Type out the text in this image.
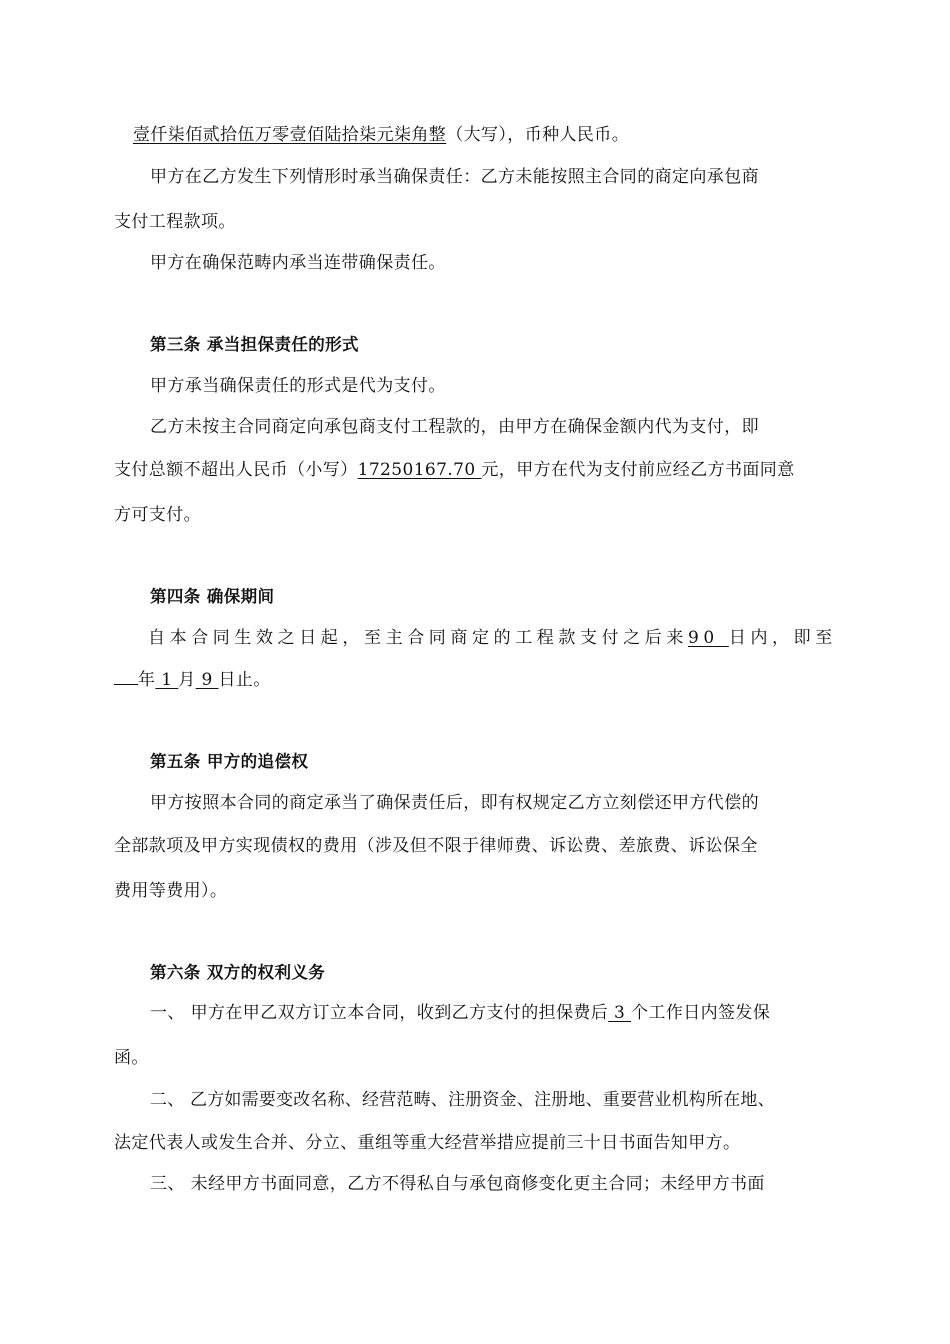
壹仟柒佰贰拾伍万零壹佰陆拾柒元柒角整（大写），币种人民币。
甲方在乙方发生下列情形时承当确保责任：乙方未能按照主合同的商定向承包商
支付工程款项。
甲方在确保范畴内承当连带确保责任。
第三条 承当担保责任的形式
甲方承当确保责任的形式是代为支付。
乙方未按主合同商定向承包商支付工程款的，由甲方在确保金额内代为支付，即
支付总额不超出人民币（小写）17250167.70 元，甲方在代为支付前应经乙方书面同意
方可支付。
第四条 确保期间
自本合同生效之日起，至主合同商定的工程款支付之后来90 日内，即至
年 1 月 9 日止。
第五条 甲方的追偿权
甲方按照本合同的商定承当了确保责任后，即有权规定乙方立刻偿还甲方代偿的
全部款项及甲方实现债权的费用（涉及但不限于律师费、诉讼费、差旅费、诉讼保全
费用等费用）。
第六条 双方的权利义务
一、 甲方在甲乙双方订立本合同，收到乙方支付的担保费后 3 个工作日内签发保
函。
二、 乙方如需要变改名称、经营范畴、注册资金、注册地、重要营业机构所在地、
法定代表人或发生合并、分立、重组等重大经营举措应提前三十日书面告知甲方。
三、 未经甲方书面同意，乙方不得私自与承包商修变化更主合同；未经甲方书面
